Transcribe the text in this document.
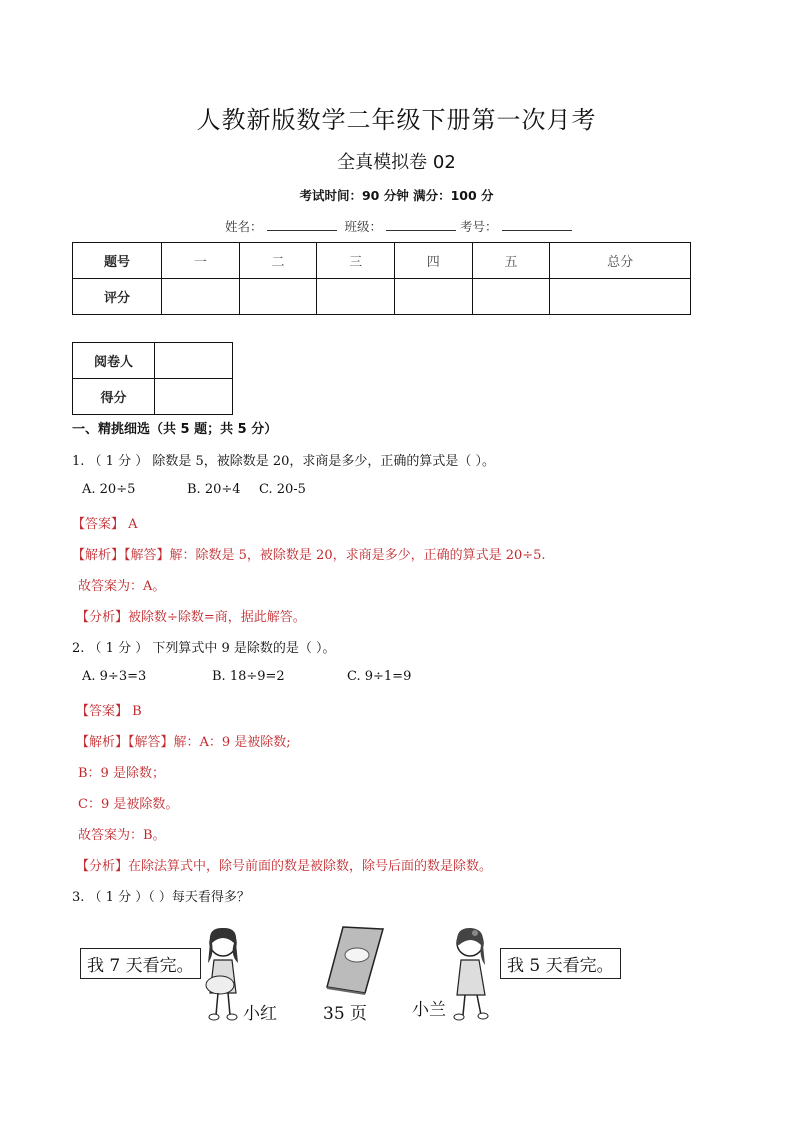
人教新版数学二年级下册第一次月考
全真模拟卷 02
考试时间：90 分钟 满分：100 分
姓名：	班级：	考号：
题号	一	二	三	四	五	总分
评分						
阅卷人	
得分	
一、精挑细选（共 5 题；共 5 分）
1. （ 1 分 ） 除数是 5，被除数是 20，求商是多少，正确的算式是（ ）。
A. 20÷5	B. 20÷4 C. 20-5
【答案】 A
【解析】【解答】解：除数是 5，被除数是 20，求商是多少，正确的算式是 20÷5.
故答案为：A。
【分析】被除数÷除数=商，据此解答。
2. （ 1 分 ） 下列算式中 9 是除数的是（ ）。
A. 9÷3=3	B. 18÷9=2	C. 9÷1=9
【答案】 B
【解析】【解答】解：A：9 是被除数;
B：9 是除数；
C：9 是被除数。
故答案为：B。
【分析】在除法算式中，除号前面的数是被除数，除号后面的数是除数。
3. （ 1 分 ）（ ）每天看得多？
我 7 天看完。
小红	35 页	小兰
我 5 天看完。
